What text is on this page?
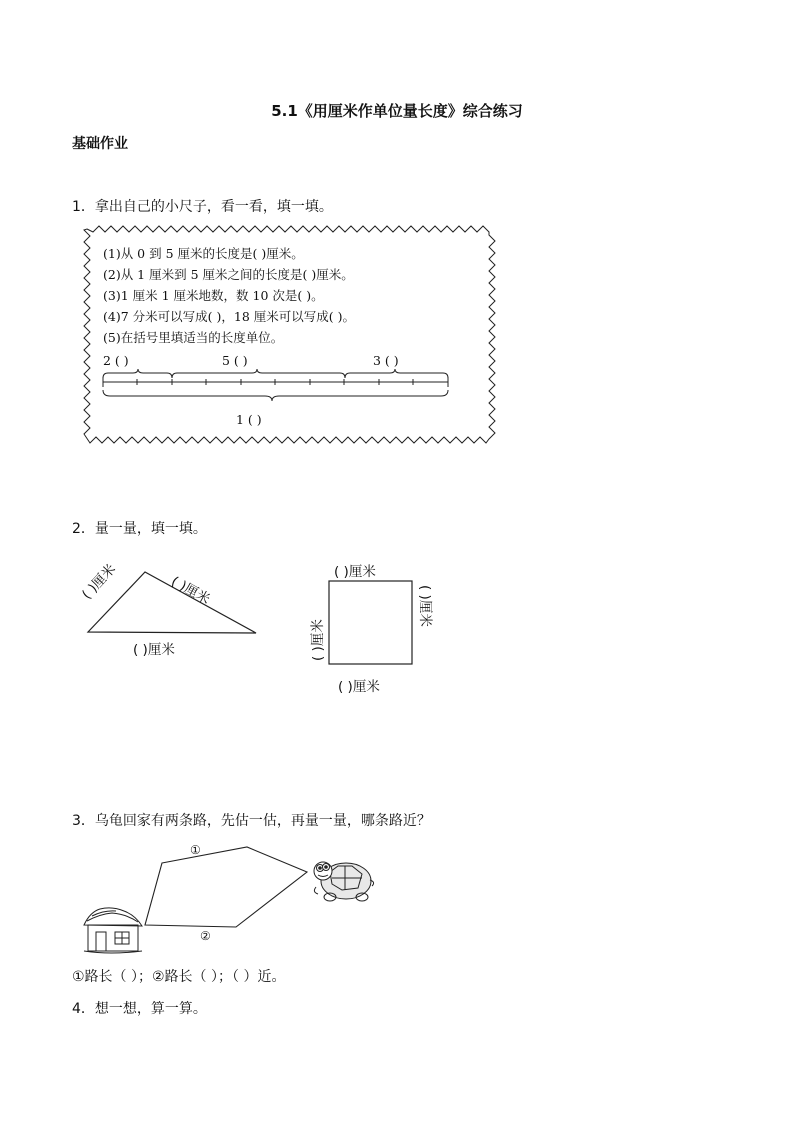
5.1《用厘米作单位量长度》综合练习
基础作业
1．拿出自己的小尺子，看一看，填一填。
(1)从 0 到 5 厘米的长度是( )厘米。
(2)从 1 厘米到 5 厘米之间的长度是( )厘米。
(3)1 厘米 1 厘米地数，数 10 次是( )。
(4)7 分米可以写成( )，18 厘米可以写成( )。
(5)在括号里填适当的长度单位。
2 ( )	5 ( )	3 ( )
1 ( )
2．量一量，填一填。
( )厘米	( )厘米
( )厘米
( )厘米
( )厘米
( )厘米
( )厘米
3．乌龟回家有两条路，先估一估，再量一量，哪条路近？
①
②
①路长（ ）；②路长（ ）；（ ）近。
4．想一想，算一算。
